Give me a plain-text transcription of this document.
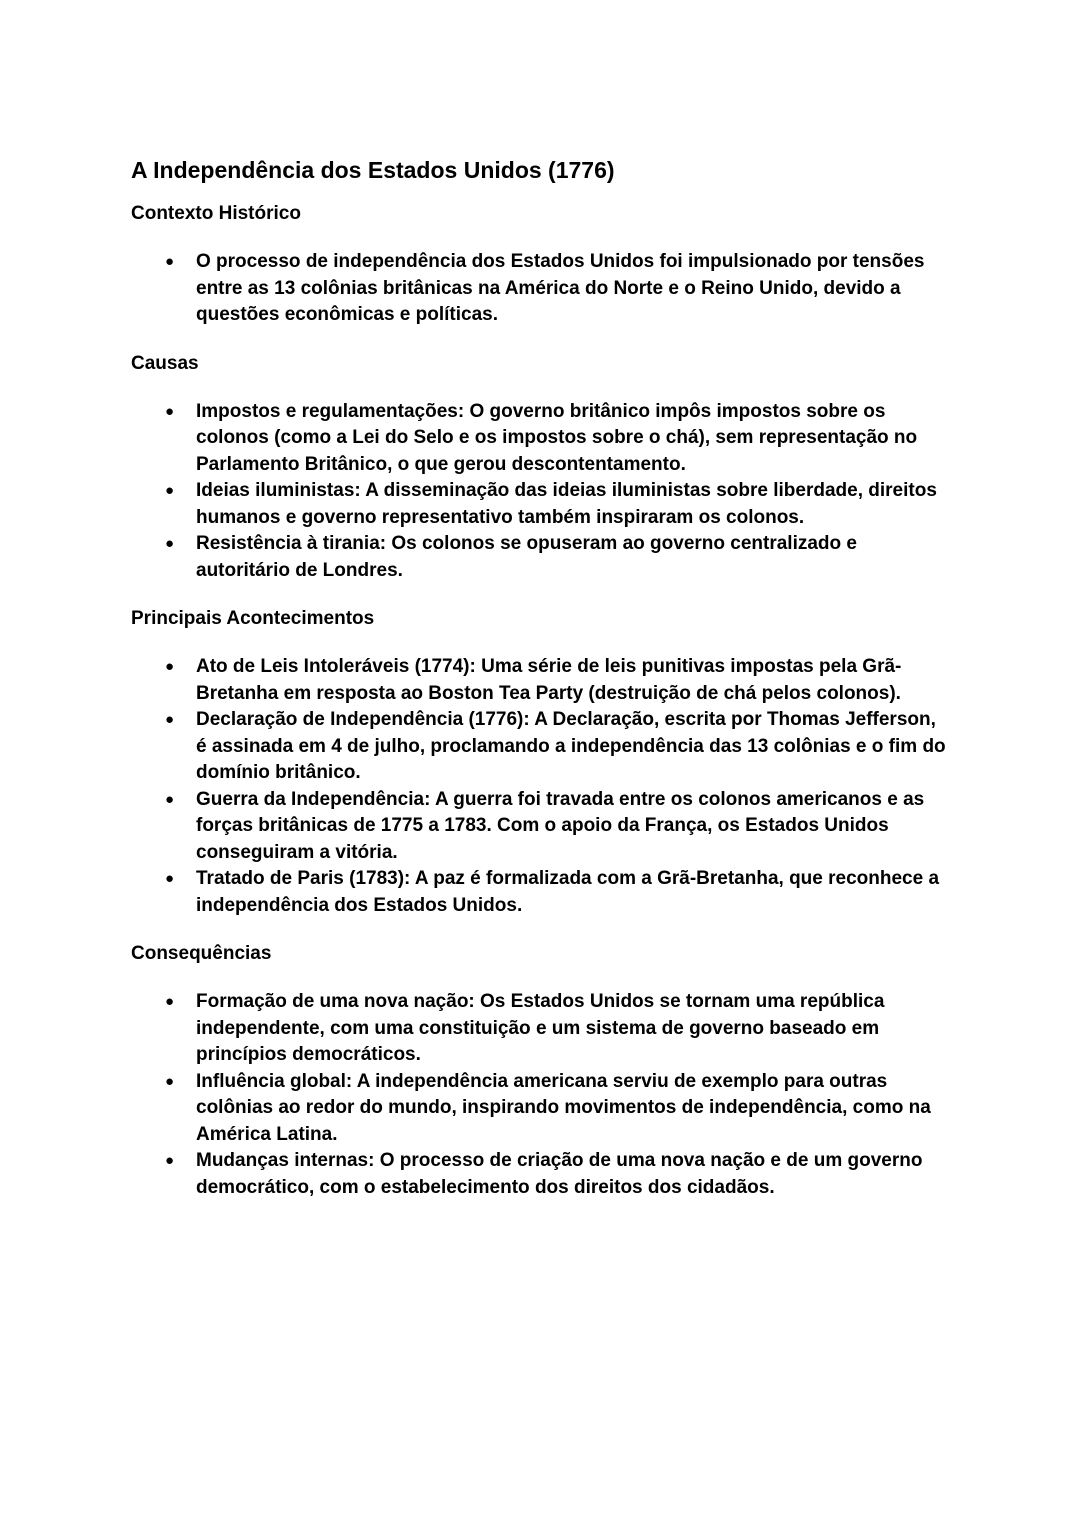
A Independência dos Estados Unidos (1776)
Contexto Histórico
● O processo de independência dos Estados Unidos foi impulsionado por tensões entre as 13 colônias britânicas na América do Norte e o Reino Unido, devido a questões econômicas e políticas.
Causas
● Impostos e regulamentações: O governo britânico impôs impostos sobre os colonos (como a Lei do Selo e os impostos sobre o chá), sem representação no Parlamento Britânico, o que gerou descontentamento.
● Ideias iluministas: A disseminação das ideias iluministas sobre liberdade, direitos humanos e governo representativo também inspiraram os colonos.
● Resistência à tirania: Os colonos se opuseram ao governo centralizado e autoritário de Londres.
Principais Acontecimentos
● Ato de Leis Intoleráveis (1774): Uma série de leis punitivas impostas pela Grã-Bretanha em resposta ao Boston Tea Party (destruição de chá pelos colonos).
● Declaração de Independência (1776): A Declaração, escrita por Thomas Jefferson, é assinada em 4 de julho, proclamando a independência das 13 colônias e o fim do domínio britânico.
● Guerra da Independência: A guerra foi travada entre os colonos americanos e as forças britânicas de 1775 a 1783. Com o apoio da França, os Estados Unidos conseguiram a vitória.
● Tratado de Paris (1783): A paz é formalizada com a Grã-Bretanha, que reconhece a independência dos Estados Unidos.
Consequências
● Formação de uma nova nação: Os Estados Unidos se tornam uma república independente, com uma constituição e um sistema de governo baseado em princípios democráticos.
● Influência global: A independência americana serviu de exemplo para outras colônias ao redor do mundo, inspirando movimentos de independência, como na América Latina.
● Mudanças internas: O processo de criação de uma nova nação e de um governo democrático, com o estabelecimento dos direitos dos cidadãos.
